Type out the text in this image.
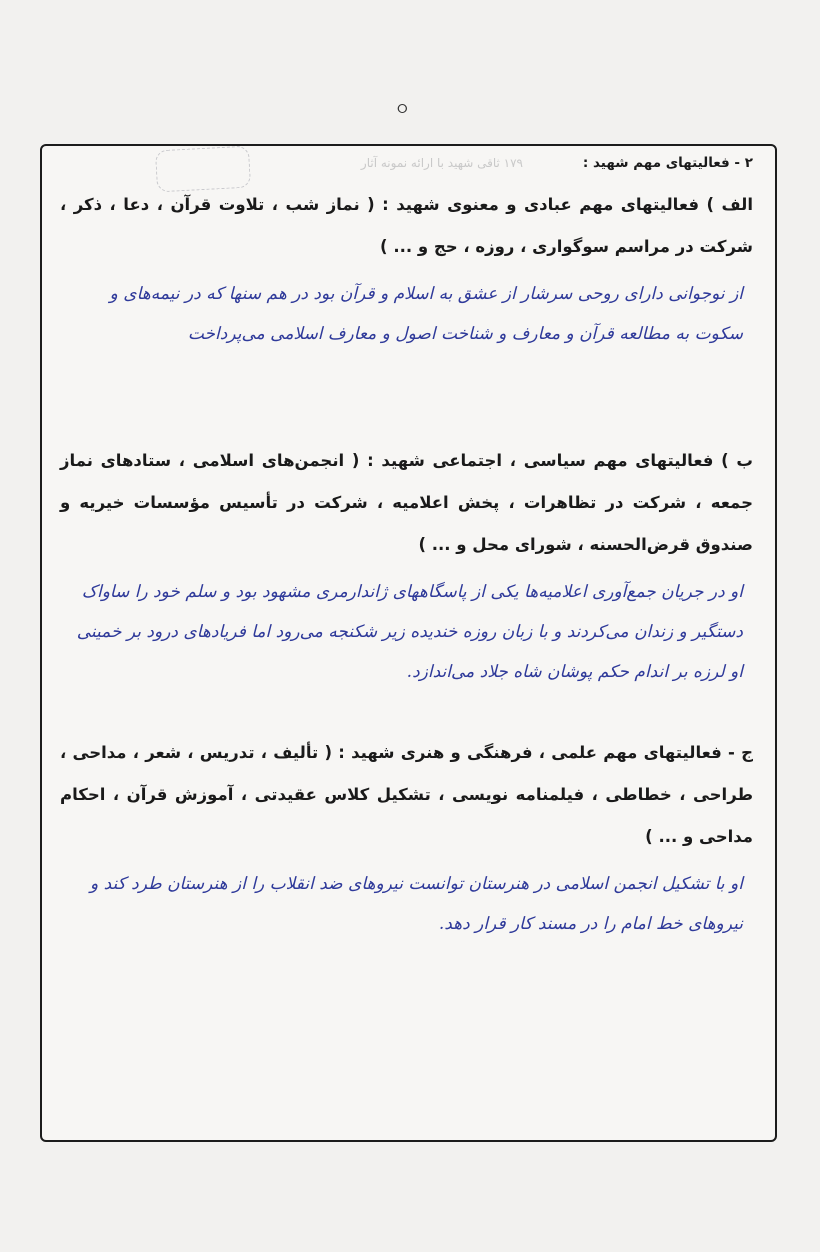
ⵔ
۲ - فعالیتهای مهم شهید :
۱۷۹ ثاقی شهید با ارائه نمونه آثار

الف ) فعالیتهای مهم عبادی و معنوی شهید : ( نماز شب ، تلاوت قرآن ، دعا ، ذکر ، شرکت در مراسم سوگواری ، روزه ، حج و ... )

از نوجوانی دارای روحی سرشار از عشق به اسلام و قرآن بود در هم سنها که در نیمه‌های و سکوت به مطالعه قرآن و معارف و شناخت اصول و معارف اسلامی می‌پرداخت

ب ) فعالیتهای مهم سیاسی ، اجتماعی شهید : ( انجمن‌های اسلامی ، ستادهای نماز جمعه ، شرکت در تظاهرات ، پخش اعلامیه ، شرکت در تأسیس مؤسسات خیریه و صندوق قرض‌الحسنه ، شورای محل و ... )

او در جریان جمع‌آوری اعلامیه‌ها یکی از پاسگاههای ژاندارمری مشهود بود و سلم خود را ساواک دستگیر و زندان می‌کردند و با زبان روزه خندیده زیر شکنجه می‌رود اما فریادهای درود بر خمینی او لرزه بر اندام حکم پوشان شاه جلاد می‌اندازد.

ج - فعالیتهای مهم علمی ، فرهنگی و هنری شهید : ( تألیف ، تدریس ، شعر ، مداحی ، طراحی ، خطاطی ، فیلمنامه نویسی ، تشکیل کلاس عقیدتی ، آموزش قرآن ، احکام مداحی و ... )

او با تشکیل انجمن اسلامی در هنرستان توانست نیروهای ضد انقلاب را از هنرستان طرد کند و نیروهای خط امام را در مسند کار قرار دهد.
